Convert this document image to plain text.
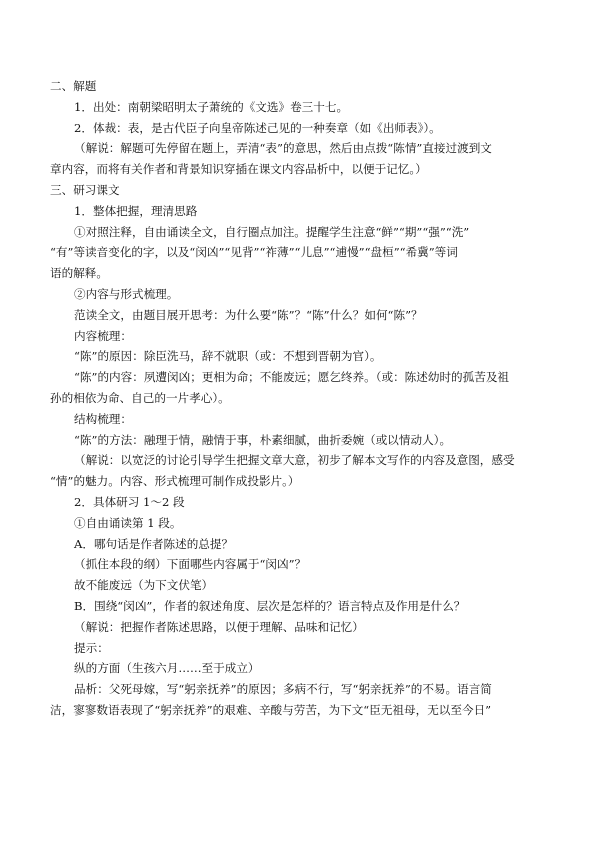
二、解题
1．出处：南朝梁昭明太子萧统的《文选》卷三十七。
2．体裁：表，是古代臣子向皇帝陈述己见的一种奏章（如《出师表》）。
（解说：解题可先停留在题上，弄清“表”的意思，然后由点拨“陈情”直接过渡到文
章内容，而将有关作者和背景知识穿插在课文内容品析中，以便于记忆。）
三、研习课文
1．整体把握，理清思路
①对照注释，自由诵读全文，自行圈点加注。提醒学生注意“鲜”“期”“强”“洗”
“有”等读音变化的字，以及“闵凶”“见背”“祚薄”“儿息”“逋慢”“盘桓”“希冀”等词
语的解释。
②内容与形式梳理。
范读全文，由题目展开思考：为什么要“陈”？“陈”什么？如何“陈”？
内容梳理：
“陈”的原因：除臣洗马，辞不就职（或：不想到晋朝为官）。
“陈”的内容：夙遭闵凶；更相为命；不能废远；愿乞终养。（或：陈述幼时的孤苦及祖
孙的相依为命、自己的一片孝心）。
结构梳理：
“陈”的方法：融理于情，融情于事，朴素细腻，曲折委婉（或以情动人）。
（解说：以宽泛的讨论引导学生把握文章大意，初步了解本文写作的内容及意图，感受
“情”的魅力。内容、形式梳理可制作成投影片。）
2．具体研习 1～2 段
①自由诵读第 1 段。
A．哪句话是作者陈述的总提？
（抓住本段的纲）下面哪些内容属于“闵凶”？
故不能废远（为下文伏笔）
B．围绕“闵凶”，作者的叙述角度、层次是怎样的？语言特点及作用是什么？
（解说：把握作者陈述思路，以便于理解、品味和记忆）
提示：
纵的方面（生孩六月……至于成立）
品析：父死母嫁，写“躬亲抚养”的原因；多病不行，写“躬亲抚养”的不易。语言简
洁，寥寥数语表现了“躬亲抚养”的艰难、辛酸与劳苦，为下文“臣无祖母，无以至今日”
